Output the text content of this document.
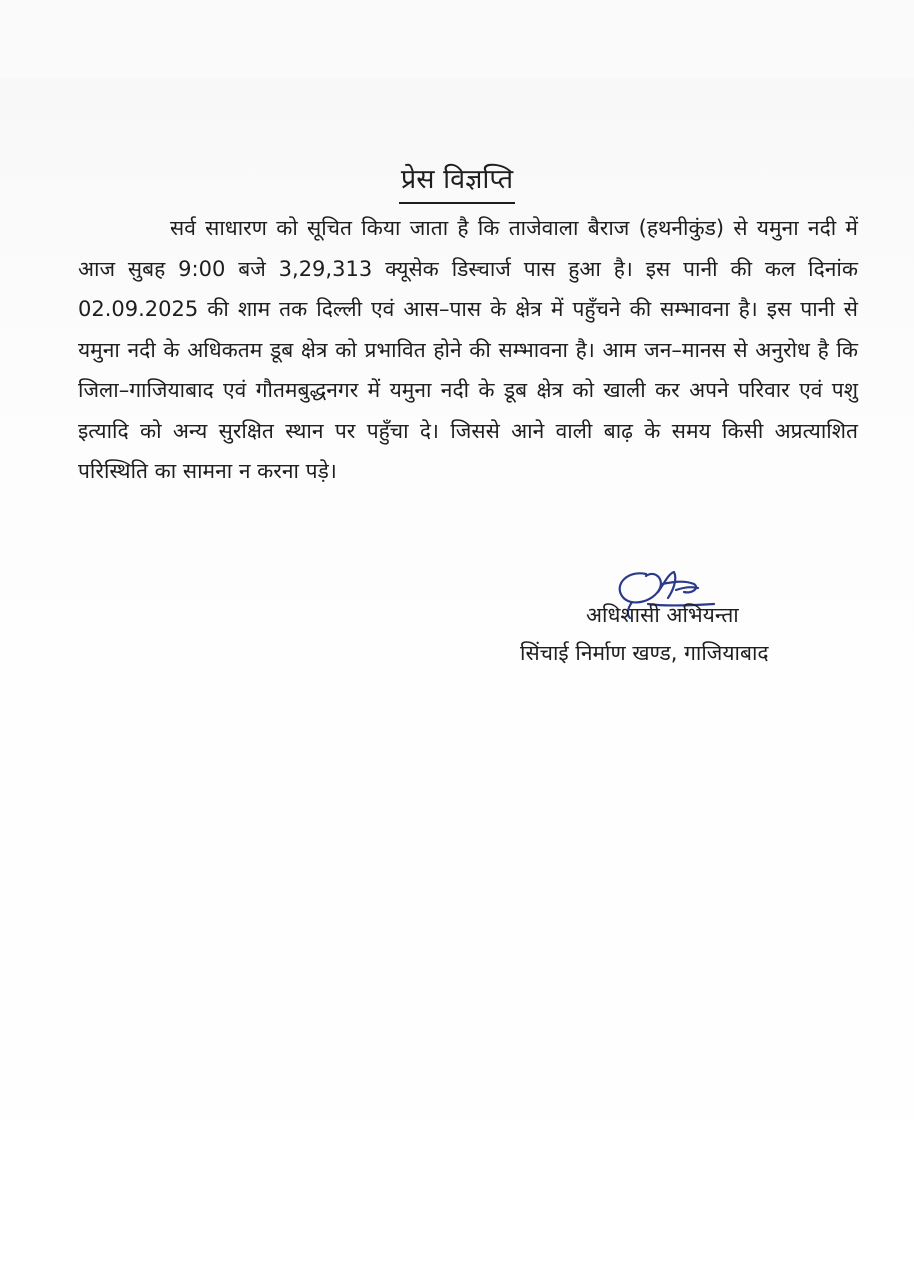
प्रेस विज्ञप्ति

सर्व साधारण को सूचित किया जाता है कि ताजेवाला बैराज (हथनीकुंड) से यमुना नदी में आज सुबह 9:00 बजे 3,29,313 क्यूसेक डिस्चार्ज पास हुआ है। इस पानी की कल दिनांक 02.09.2025 की शाम तक दिल्ली एवं आस–पास के क्षेत्र में पहुँचने की सम्भावना है। इस पानी से यमुना नदी के अधिकतम डूब क्षेत्र को प्रभावित होने की सम्भावना है। आम जन–मानस से अनुरोध है कि जिला–गाजियाबाद एवं गौतमबुद्धनगर में यमुना नदी के डूब क्षेत्र को खाली कर अपने परिवार एवं पशु इत्यादि को अन्य सुरक्षित स्थान पर पहुँचा दे। जिससे आने वाली बाढ़ के समय किसी अप्रत्याशित परिस्थिति का सामना न करना पड़े।

अधिशासी अभियन्ता
सिंचाई निर्माण खण्ड, गाजियाबाद
